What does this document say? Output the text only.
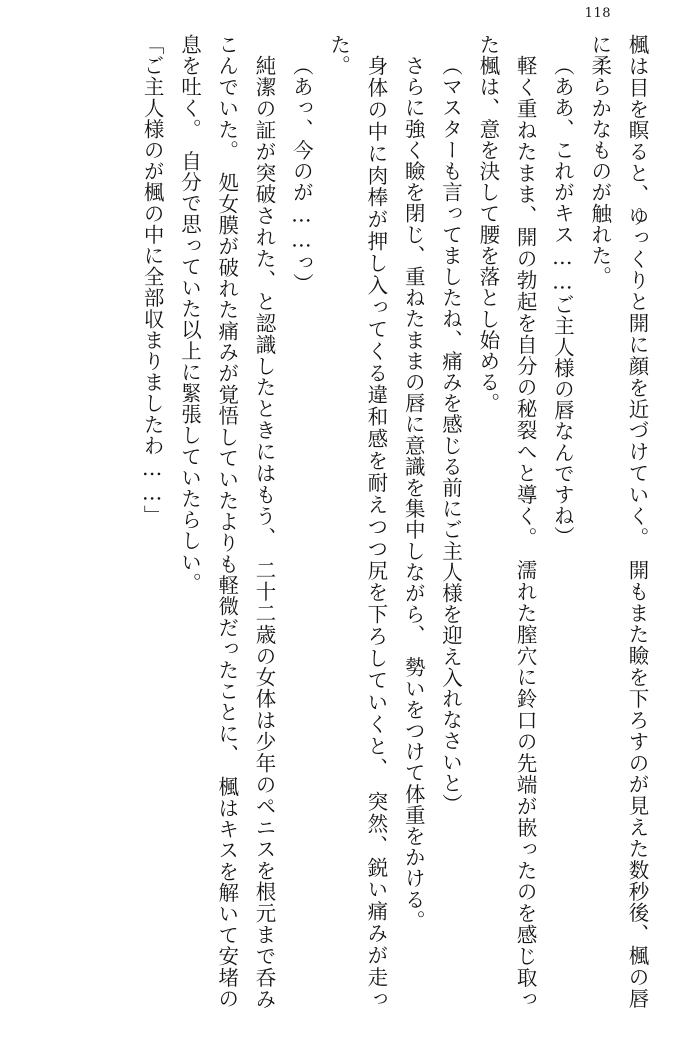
118

楓は目を瞑ると、ゆっくりと開に顔を近づけていく。　開もまた瞼を下ろすのが見えた数秒後、楓の唇に柔らかなものが触れた。

（ああ、これがキス……ご主人様の唇なんですね）

軽く重ねたまま、開の勃起を自分の秘裂へと導く。　濡れた膣穴に鈴口の先端が嵌ったのを感じ取った楓は、意を決して腰を落とし始める。

（マスターも言ってましたね、痛みを感じる前にご主人様を迎え入れなさいと）

さらに強く瞼を閉じ、重ねたままの唇に意識を集中しながら、　勢いをつけて体重をかける。

身体の中に肉棒が押し入ってくる違和感を耐えつつ尻を下ろしていくと、　突然、鋭い痛みが走った。

（あっ、今のが……っ）

純潔の証が突破された、と認識したときにはもう、　二十二歳の女体は少年のペニスを根元まで呑みこんでいた。　処女膜が破れた痛みが覚悟していたよりも軽微だったことに、　楓はキスを解いて安堵の息を吐く。　自分で思っていた以上に緊張していたらしい。

「ご主人様のが楓の中に全部収まりましたわ……」
